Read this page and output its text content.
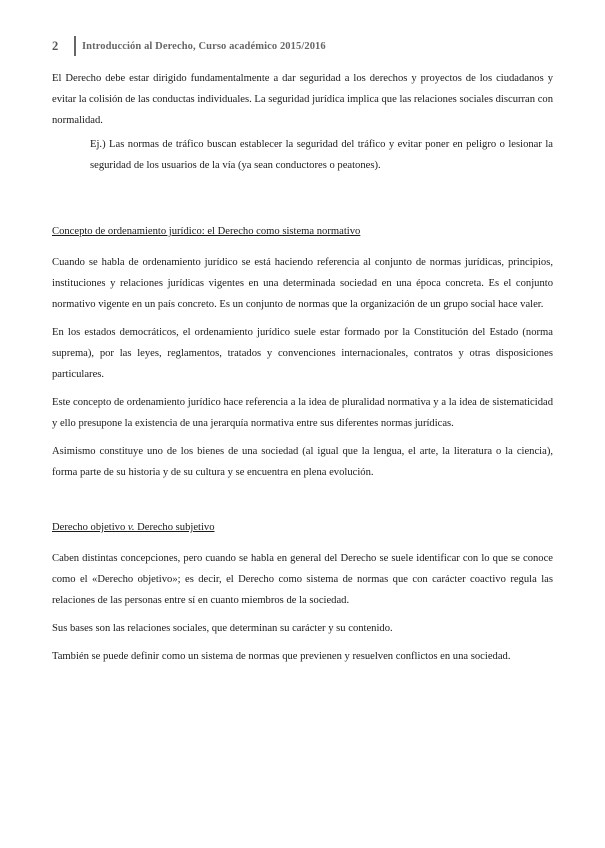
2	Introducción al Derecho, Curso académico 2015/2016

El Derecho debe estar dirigido fundamentalmente a dar seguridad a los derechos y proyectos de los ciudadanos y evitar la colisión de las conductas individuales. La seguridad jurídica implica que las relaciones sociales discurran con normalidad.

Ej.) Las normas de tráfico buscan establecer la seguridad del tráfico y evitar poner en peligro o lesionar la seguridad de los usuarios de la vía (ya sean conductores o peatones).

Concepto de ordenamiento jurídico: el Derecho como sistema normativo

Cuando se habla de ordenamiento jurídico se está haciendo referencia al conjunto de normas jurídicas, principios, instituciones y relaciones jurídicas vigentes en una determinada sociedad en una época concreta. Es el conjunto normativo vigente en un país concreto. Es un conjunto de normas que la organización de un grupo social hace valer.

En los estados democráticos, el ordenamiento jurídico suele estar formado por la Constitución del Estado (norma suprema), por las leyes, reglamentos, tratados y convenciones internacionales, contratos y otras disposiciones particulares.

Este concepto de ordenamiento jurídico hace referencia a la idea de pluralidad normativa y a la idea de sistematicidad y ello presupone la existencia de una jerarquía normativa entre sus diferentes normas jurídicas.

Asimismo constituye uno de los bienes de una sociedad (al igual que la lengua, el arte, la literatura o la ciencia), forma parte de su historia y de su cultura y se encuentra en plena evolución.

Derecho objetivo v. Derecho subjetivo

Caben distintas concepciones, pero cuando se habla en general del Derecho se suele identificar con lo que se conoce como el «Derecho objetivo»; es decir, el Derecho como sistema de normas que con carácter coactivo regula las relaciones de las personas entre sí en cuanto miembros de la sociedad.

Sus bases son las relaciones sociales, que determinan su carácter y su contenido.

También se puede definir como un sistema de normas que previenen y resuelven conflictos en una sociedad.
